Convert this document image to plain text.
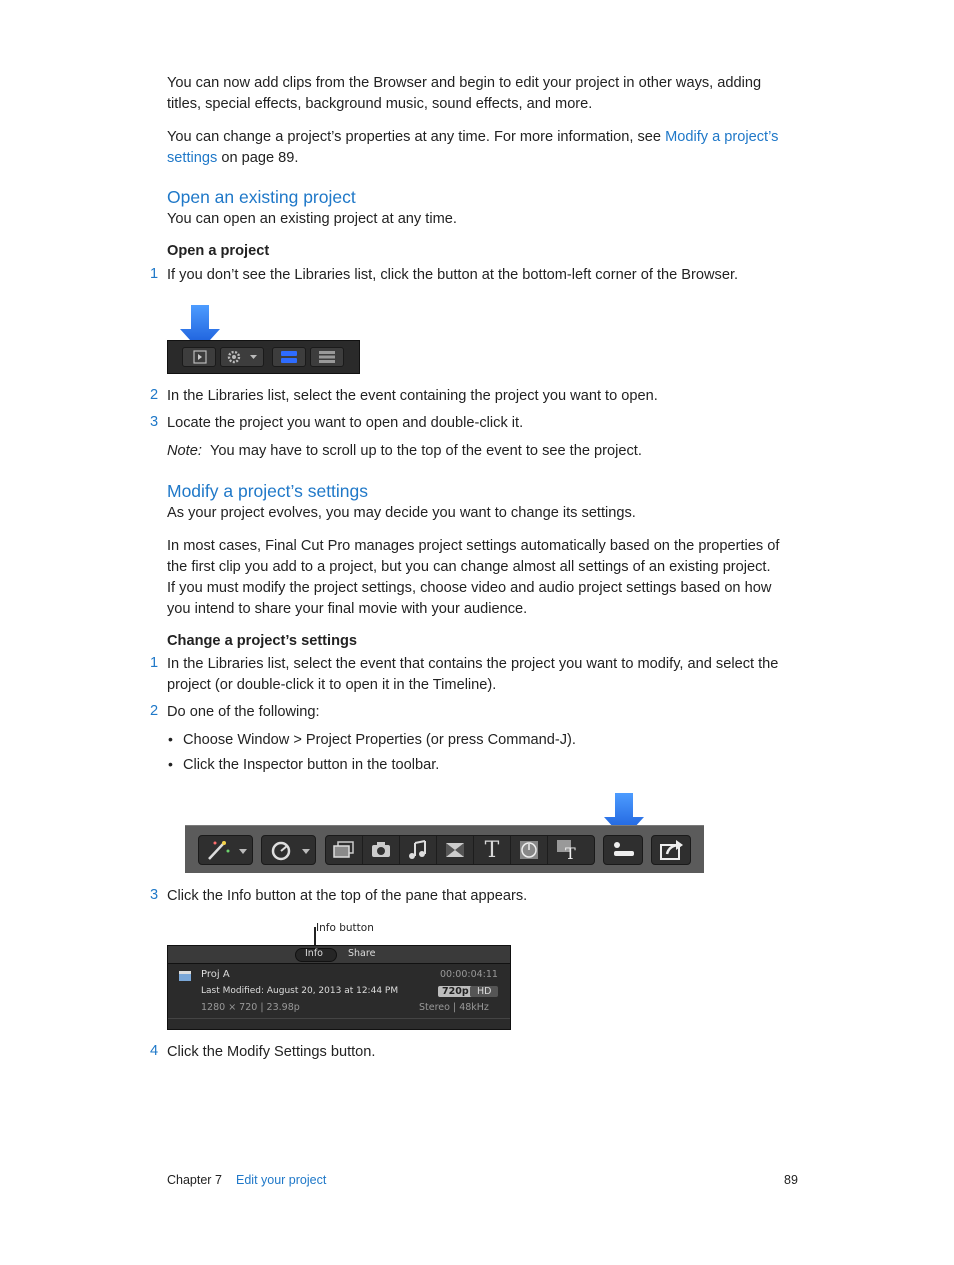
You can now add clips from the Browser and begin to edit your project in other ways, adding titles, special effects, background music, sound effects, and more.
You can change a project’s properties at any time. For more information, see Modify a project’s
settings on page 89.
Open an existing project
You can open an existing project at any time.
Open a project
1 If you don’t see the Libraries list, click the button at the bottom-left corner of the Browser.
2 In the Libraries list, select the event containing the project you want to open.
3 Locate the project you want to open and double-click it.
Note: You may have to scroll up to the top of the event to see the project.
Modify a project’s settings
As your project evolves, you may decide you want to change its settings.
In most cases, Final Cut Pro manages project settings automatically based on the properties of
the first clip you add to a project, but you can change almost all settings of an existing project.
If you must modify the project settings, choose video and audio project settings based on how
you intend to share your final movie with your audience.
Change a project’s settings
1 In the Libraries list, select the event that contains the project you want to modify, and select the
project (or double-click it to open it in the Timeline).
2 Do one of the following:
• Choose Window > Project Properties (or press Command-J).
• Click the Inspector button in the toolbar.
T	T
3 Click the Info button at the top of the pane that appears.
Info button
Info	Share
Proj A	00:00:04:11
Last Modified: August 20, 2013 at 12:44 PM	720p HD
1280 × 720 | 23.98p	Stereo | 48kHz
4 Click the Modify Settings button.
Chapter 7 Edit your project	89
